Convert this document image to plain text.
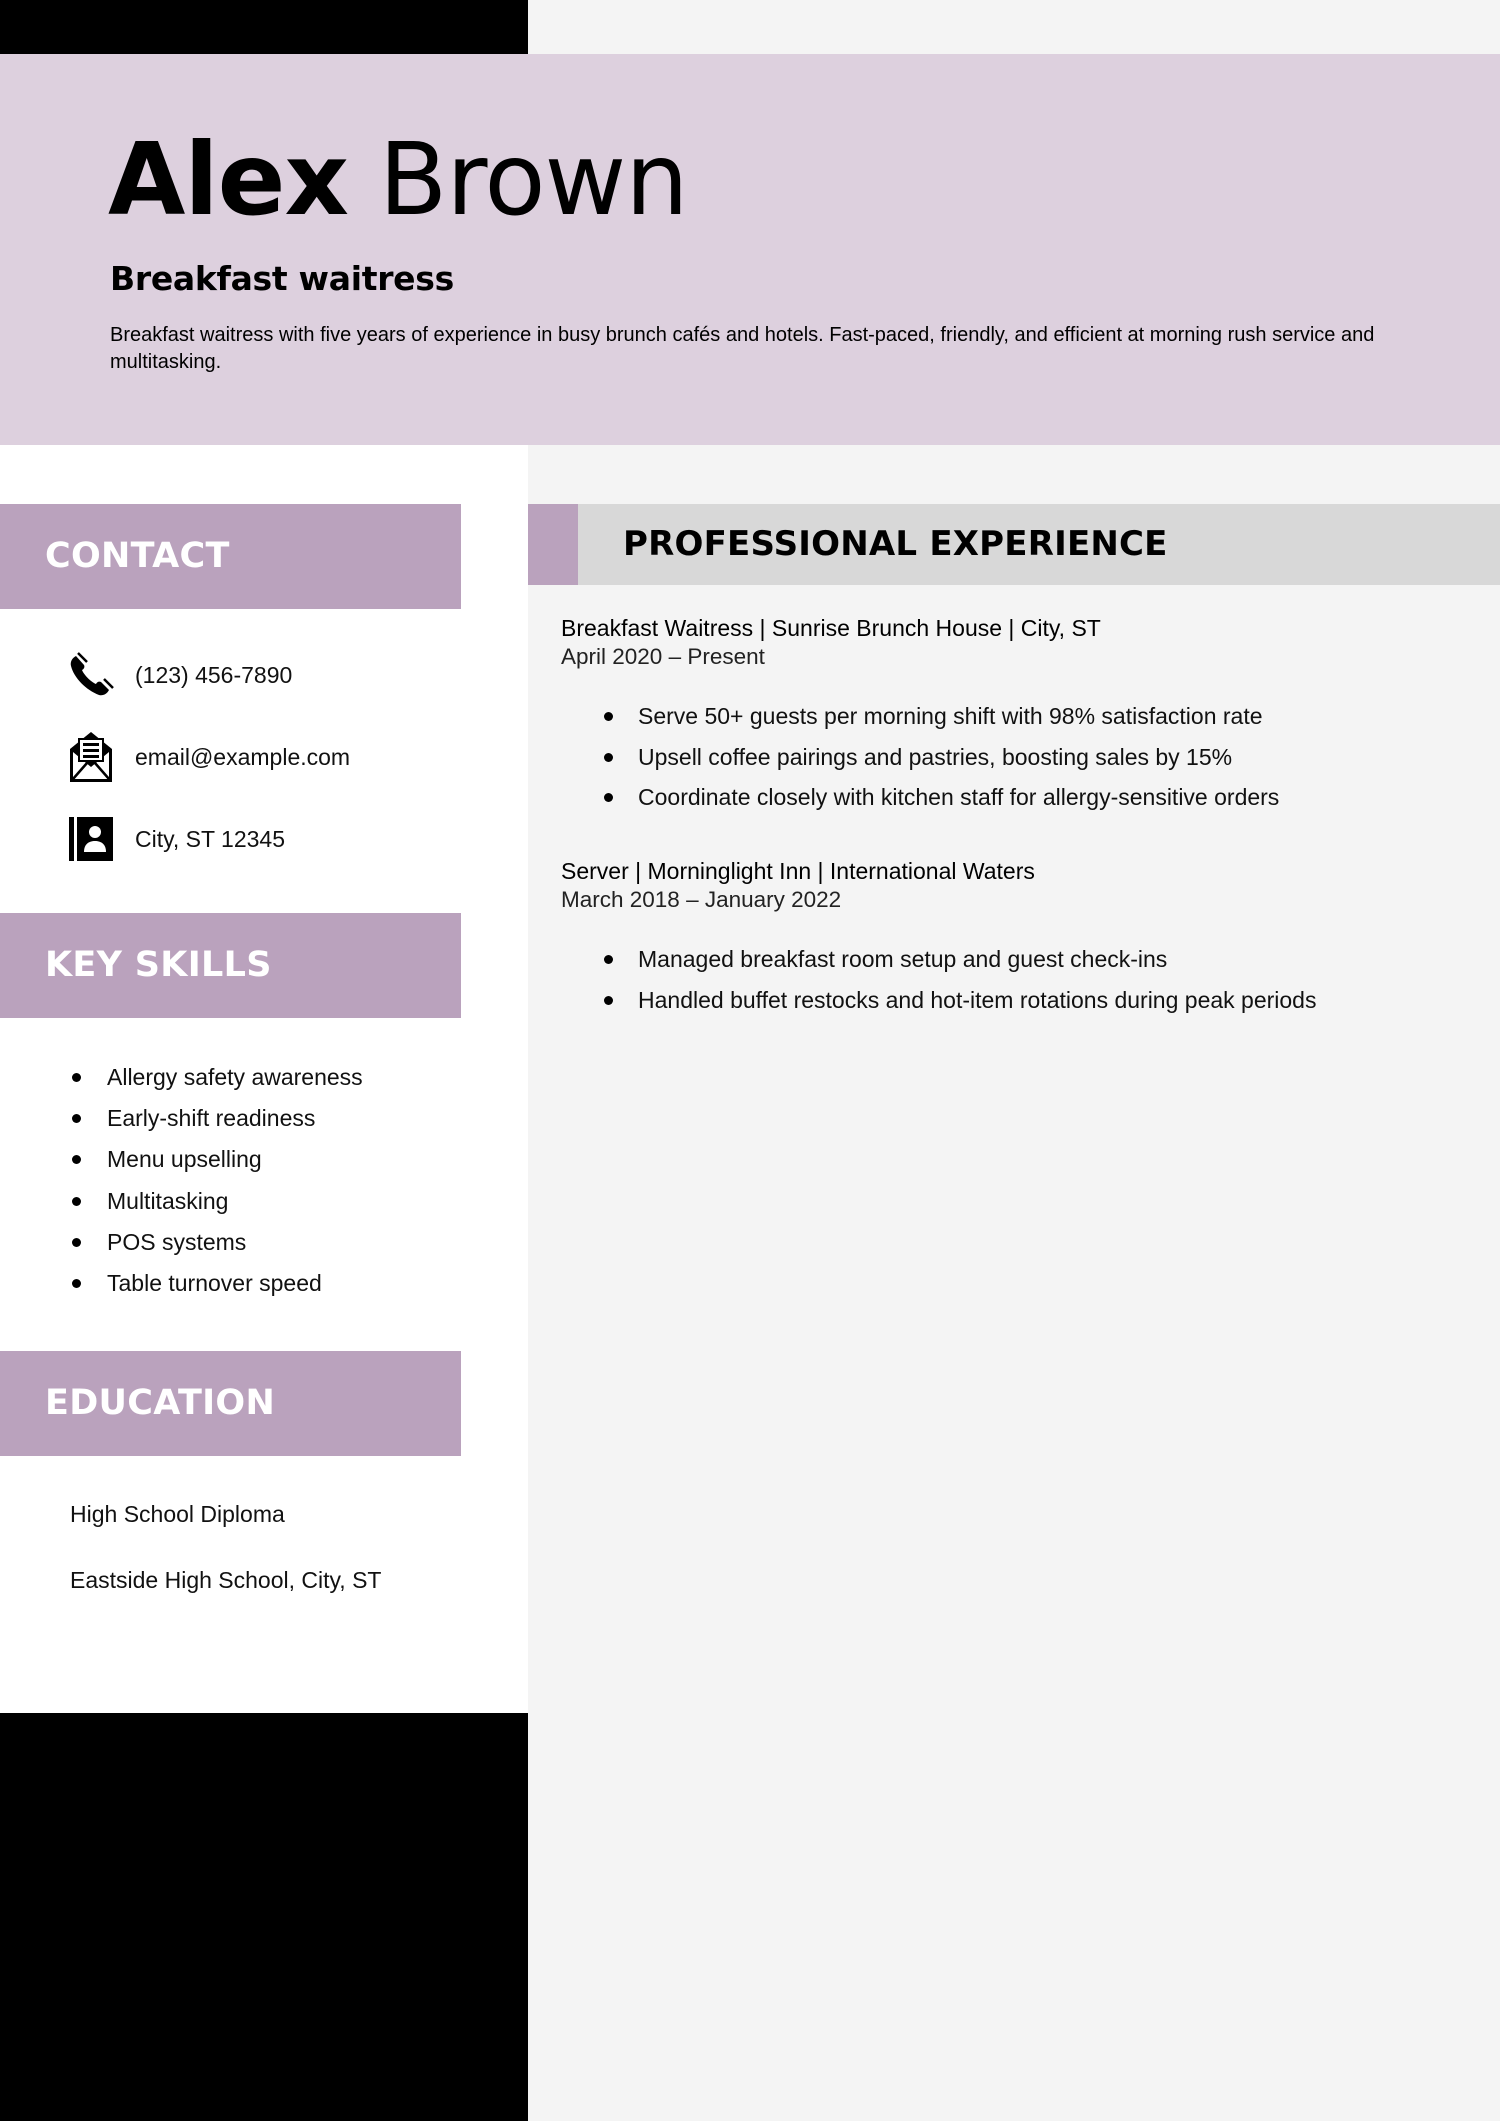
Alex Brown
Breakfast waitress
Breakfast waitress with five years of experience in busy brunch cafés and hotels. Fast-paced, friendly, and efficient at morning rush service and multitasking.
CONTACT
(123) 456-7890
email@example.com
City, ST 12345
KEY SKILLS
Allergy safety awareness
Early-shift readiness
Menu upselling
Multitasking
POS systems
Table turnover speed
EDUCATION
High School Diploma
Eastside High School, City, ST
PROFESSIONAL EXPERIENCE
Breakfast Waitress | Sunrise Brunch House | City, ST
April 2020 – Present
Serve 50+ guests per morning shift with 98% satisfaction rate
Upsell coffee pairings and pastries, boosting sales by 15%
Coordinate closely with kitchen staff for allergy-sensitive orders
Server | Morninglight Inn | International Waters
March 2018 – January 2022
Managed breakfast room setup and guest check-ins
Handled buffet restocks and hot-item rotations during peak periods
